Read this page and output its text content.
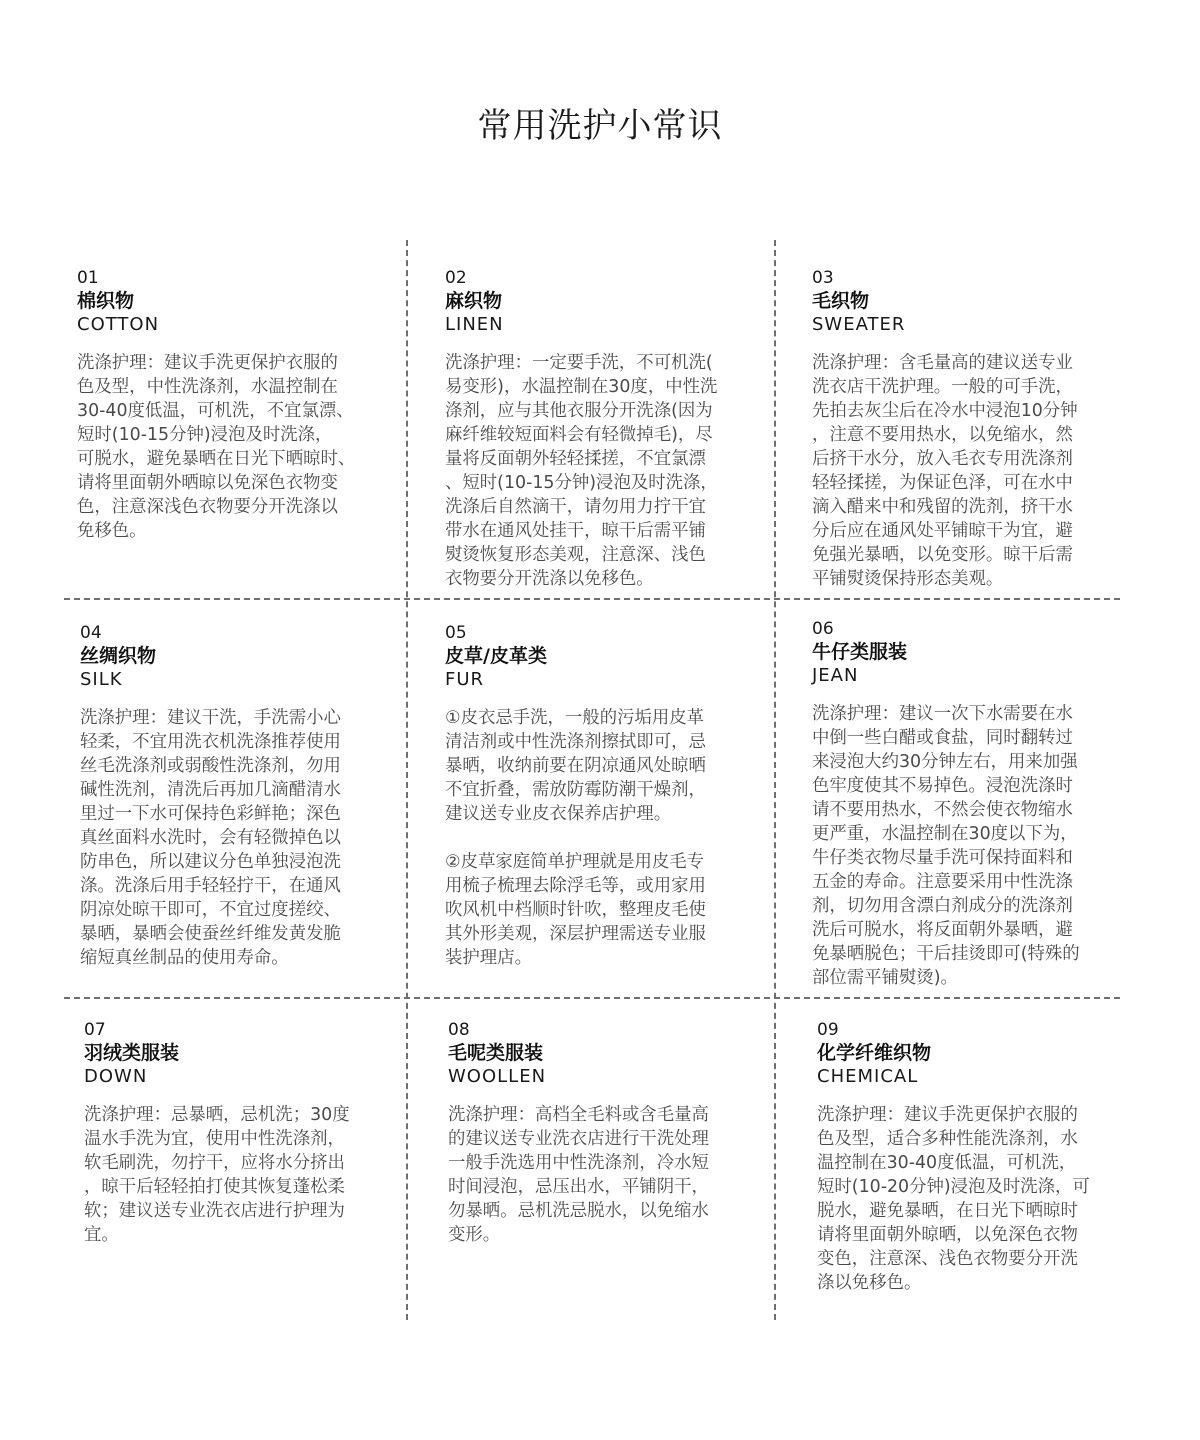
常用洗护小常识
01
棉织物
COTTON

洗涤护理：建议手洗更保护衣服的
色及型，中性洗涤剂，水温控制在
30-40度低温，可机洗，不宜氯漂、
短时(10-15分钟)浸泡及时洗涤，
可脱水，避免暴晒在日光下晒晾时、
请将里面朝外晒晾以免深色衣物变
色，注意深浅色衣物要分开洗涤以
免移色。

02
麻织物
LINEN

洗涤护理：一定要手洗，不可机洗(
易变形)，水温控制在30度，中性洗
涤剂，应与其他衣服分开洗涤(因为
麻纤维较短面料会有轻微掉毛)，尽
量将反面朝外轻轻揉搓，不宜氯漂
、短时(10-15分钟)浸泡及时洗涤，
洗涤后自然滴干，请勿用力拧干宜
带水在通风处挂干，晾干后需平铺
熨烫恢复形态美观，注意深、浅色
衣物要分开洗涤以免移色。

03
毛织物
SWEATER

洗涤护理：含毛量高的建议送专业
洗衣店干洗护理。一般的可手洗，
先拍去灰尘后在冷水中浸泡10分钟
，注意不要用热水，以免缩水，然
后挤干水分，放入毛衣专用洗涤剂
轻轻揉搓，为保证色泽，可在水中
滴入醋来中和残留的洗剂，挤干水
分后应在通风处平铺晾干为宜，避
免强光暴晒，以免变形。晾干后需
平铺熨烫保持形态美观。

04
丝绸织物
SILK

洗涤护理：建议干洗，手洗需小心
轻柔，不宜用洗衣机洗涤推荐使用
丝毛洗涤剂或弱酸性洗涤剂，勿用
碱性洗剂，清洗后再加几滴醋清水
里过一下水可保持色彩鲜艳；深色
真丝面料水洗时，会有轻微掉色以
防串色，所以建议分色单独浸泡洗
涤。洗涤后用手轻轻拧干，在通风
阴凉处晾干即可，不宜过度搓绞、
暴晒，暴晒会使蚕丝纤维发黄发脆
缩短真丝制品的使用寿命。

05
皮草/皮革类
FUR

①皮衣忌手洗，一般的污垢用皮革
清洁剂或中性洗涤剂擦拭即可，忌
暴晒，收纳前要在阴凉通风处晾晒
不宜折叠，需放防霉防潮干燥剂，
建议送专业皮衣保养店护理。

②皮草家庭简单护理就是用皮毛专
用梳子梳理去除浮毛等，或用家用
吹风机中档顺时针吹，整理皮毛使
其外形美观，深层护理需送专业服
装护理店。

06
牛仔类服装
JEAN

洗涤护理：建议一次下水需要在水
中倒一些白醋或食盐，同时翻转过
来浸泡大约30分钟左右，用来加强
色牢度使其不易掉色。浸泡洗涤时
请不要用热水，不然会使衣物缩水
更严重，水温控制在30度以下为，
牛仔类衣物尽量手洗可保持面料和
五金的寿命。注意要采用中性洗涤
剂，切勿用含漂白剂成分的洗涤剂
洗后可脱水，将反面朝外暴晒，避
免暴晒脱色；干后挂烫即可(特殊的
部位需平铺熨烫)。

07
羽绒类服装
DOWN

洗涤护理：忌暴晒，忌机洗；30度
温水手洗为宜，使用中性洗涤剂，
软毛刷洗，勿拧干，应将水分挤出
，晾干后轻轻拍打使其恢复蓬松柔
软；建议送专业洗衣店进行护理为
宜。

08
毛呢类服装
WOOLLEN

洗涤护理：高档全毛料或含毛量高
的建议送专业洗衣店进行干洗处理
一般手洗选用中性洗涤剂，冷水短
时间浸泡，忌压出水，平铺阴干，
勿暴晒。忌机洗忌脱水，以免缩水
变形。

09
化学纤维织物
CHEMICAL

洗涤护理：建议手洗更保护衣服的
色及型，适合多种性能洗涤剂，水
温控制在30-40度低温，可机洗，
短时(10-20分钟)浸泡及时洗涤，可
脱水，避免暴晒，在日光下晒晾时
请将里面朝外晾晒，以免深色衣物
变色，注意深、浅色衣物要分开洗
涤以免移色。
